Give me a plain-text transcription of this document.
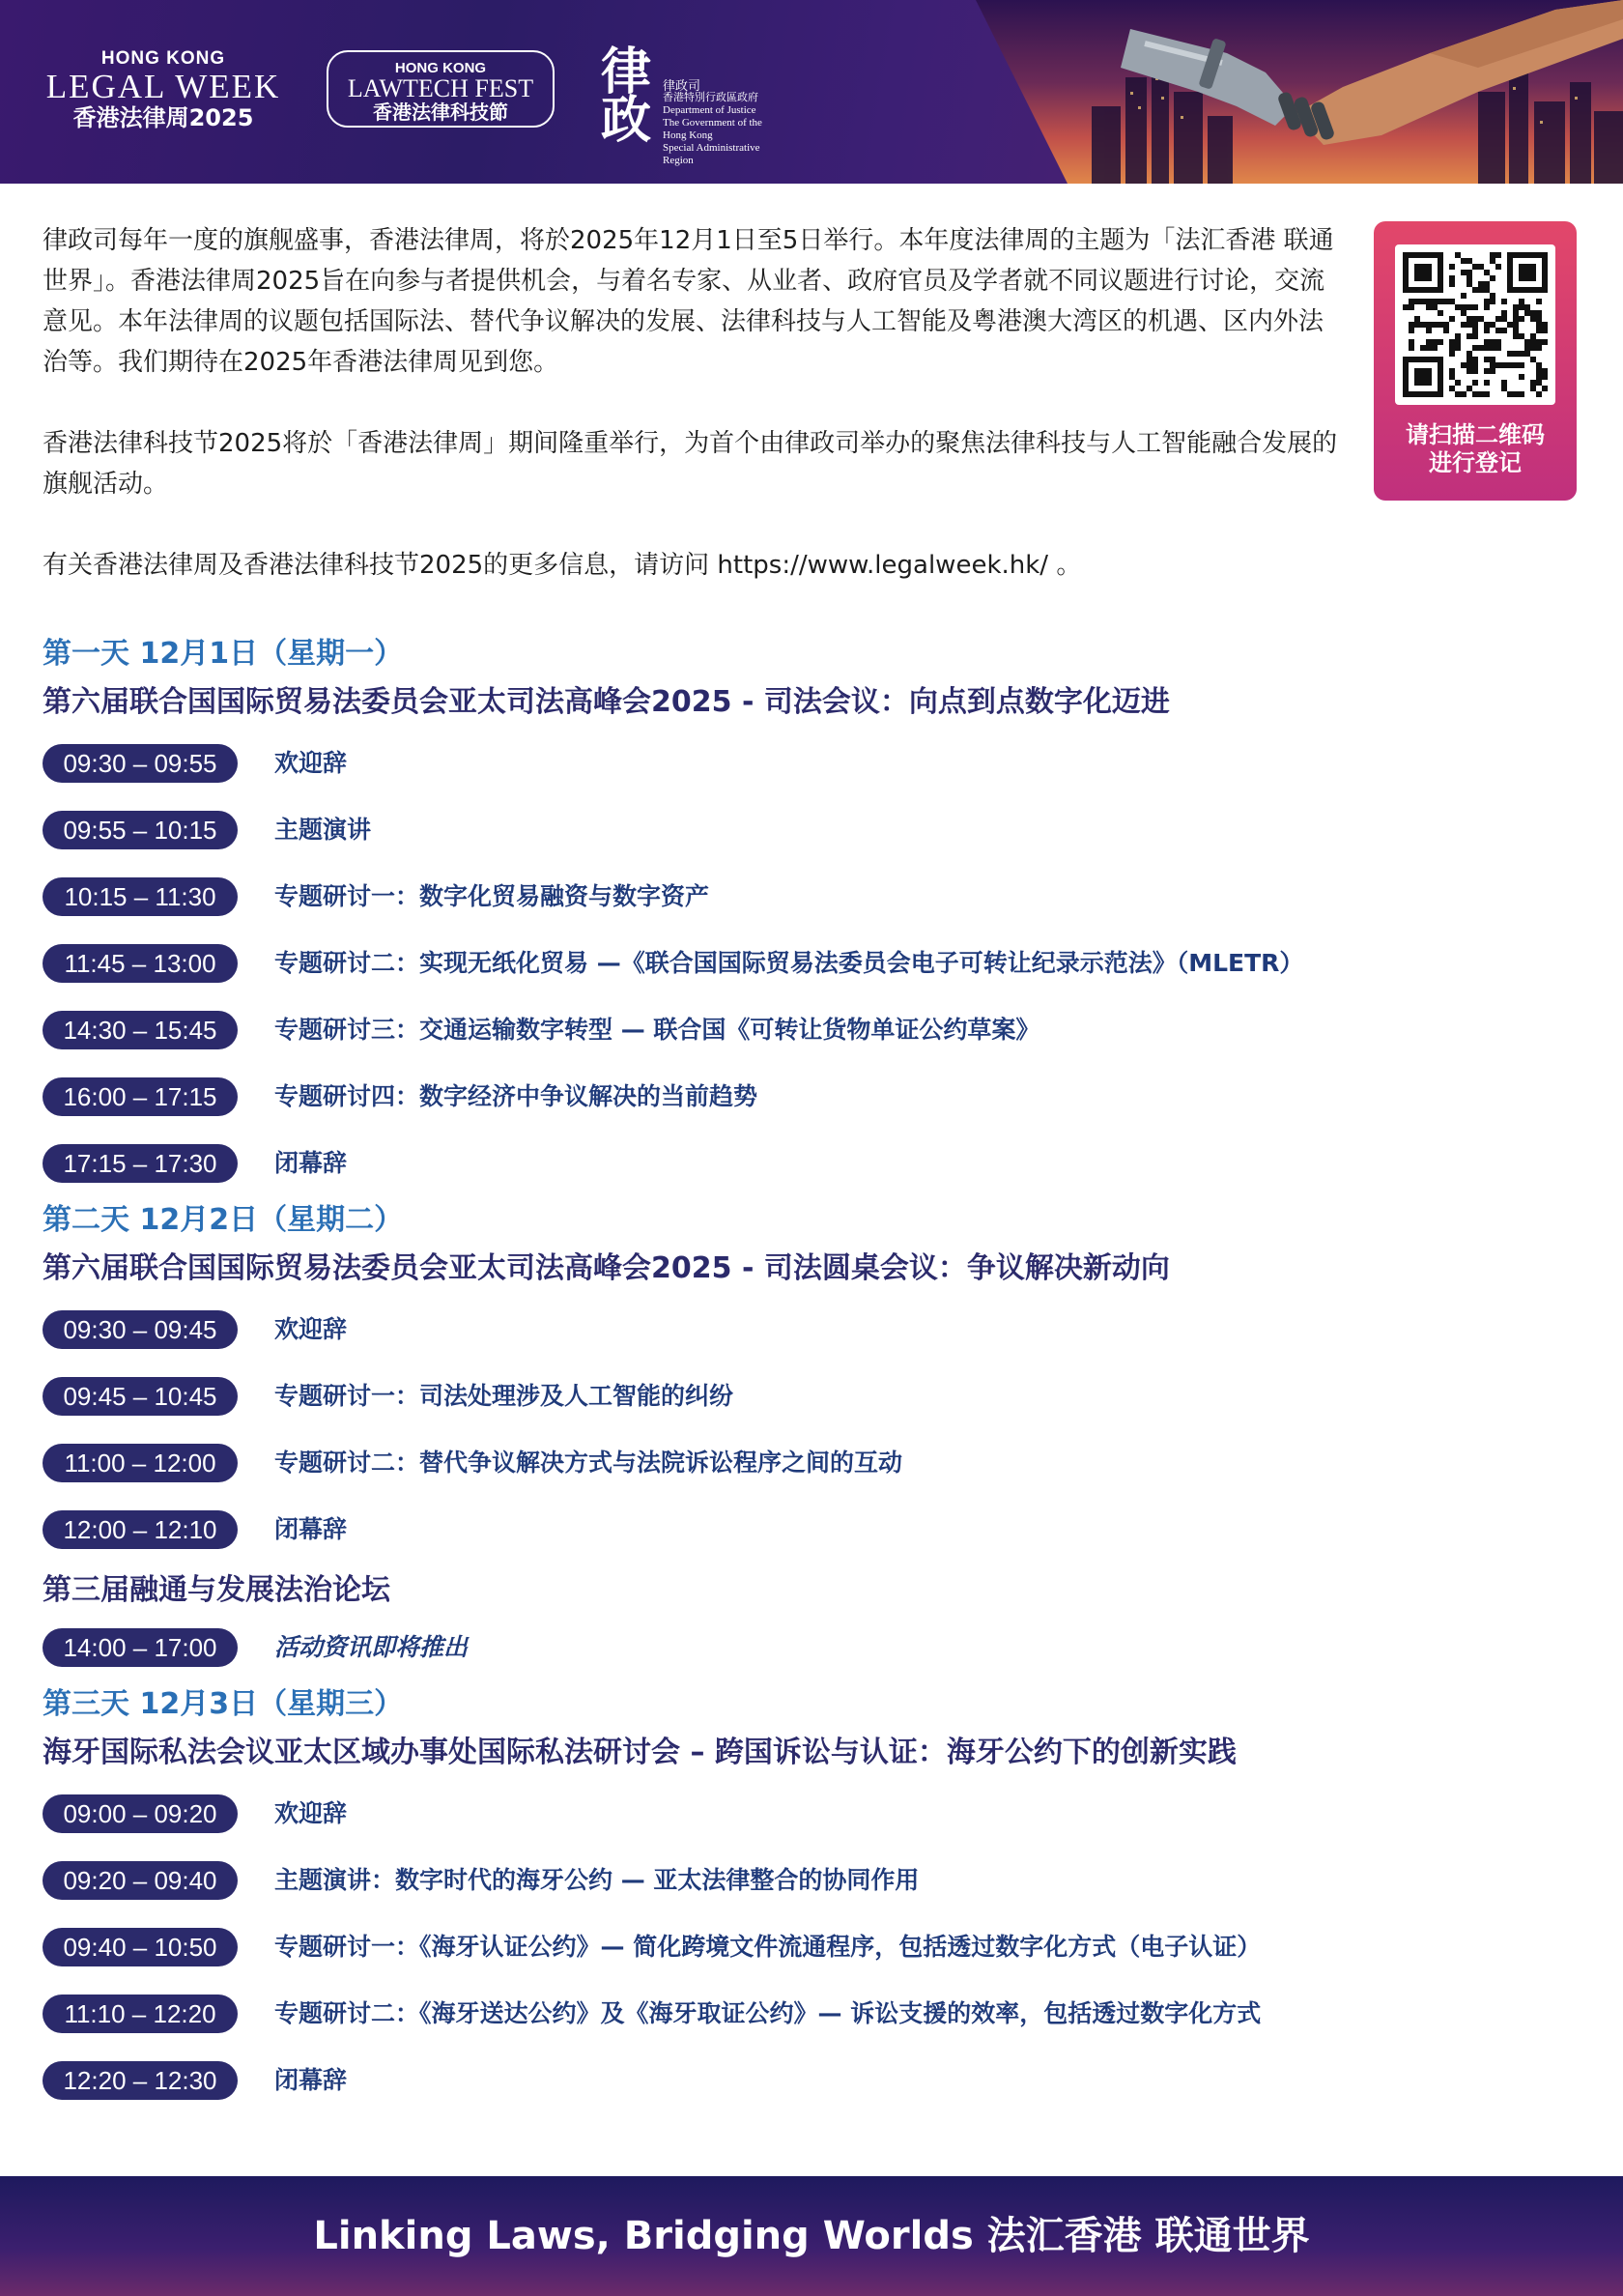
HONG KONG
LEGAL WEEK
香港法律周2025
HONG KONG
LAWTECH FEST
香港法律科技節
律
政
律政司
香港特別行政區政府
Department of Justice
The Government of the Hong Kong
Special Administrative Region

律政司每年一度的旗舰盛事，香港法律周，将於2025年12月1日至5日举行。本年度法律周的主题为「法汇香港 联通世界」。香港法律周2025旨在向参与者提供机会，与着名专家、从业者、政府官员及学者就不同议题进行讨论，交流意见。本年法律周的议题包括国际法、替代争议解决的发展、法律科技与人工智能及粤港澳大湾区的机遇、区内外法治等。我们期待在2025年香港法律周见到您。

香港法律科技节2025将於「香港法律周」期间隆重举行，为首个由律政司举办的聚焦法律科技与人工智能融合发展的旗舰活动。

有关香港法律周及香港法律科技节2025的更多信息，请访问 https://www.legalweek.hk/ 。

请扫描二维码
进行登记
第一天 12月1日（星期一）
第六届联合国国际贸易法委员会亚太司法高峰会2025 - 司法会议：向点到点数字化迈进
09:30 – 09:55	欢迎辞
09:55 – 10:15	主题演讲
10:15 – 11:30	专题研讨一：数字化贸易融资与数字资产
11:45 – 13:00	专题研讨二：实现无纸化贸易 —《联合国国际贸易法委员会电子可转让纪录示范法》（MLETR）
14:30 – 15:45	专题研讨三：交通运输数字转型 — 联合国《可转让货物单证公约草案》
16:00 – 17:15	专题研讨四：数字经济中争议解决的当前趋势
17:15 – 17:30	闭幕辞
第二天 12月2日（星期二）
第六届联合国国际贸易法委员会亚太司法高峰会2025 - 司法圆桌会议：争议解决新动向
09:30 – 09:45	欢迎辞
09:45 – 10:45	专题研讨一：司法处理涉及人工智能的纠纷
11:00 – 12:00	专题研讨二：替代争议解决方式与法院诉讼程序之间的互动
12:00 – 12:10	闭幕辞
第三届融通与发展法治论坛
14:00 – 17:00	活动资讯即将推出
第三天 12月3日（星期三）
海牙国际私法会议亚太区域办事处国际私法研讨会 – 跨国诉讼与认证：海牙公约下的创新实践
09:00 – 09:20	欢迎辞
09:20 – 09:40	主题演讲：数字时代的海牙公约 — 亚太法律整合的协同作用
09:40 – 10:50	专题研讨一：《海牙认证公约》— 简化跨境文件流通程序，包括透过数字化方式（电子认证）
11:10 – 12:20	专题研讨二：《海牙送达公约》及《海牙取证公约》— 诉讼支援的效率，包括透过数字化方式
12:20 – 12:30	闭幕辞
Linking Laws, Bridging Worlds 法汇香港 联通世界
